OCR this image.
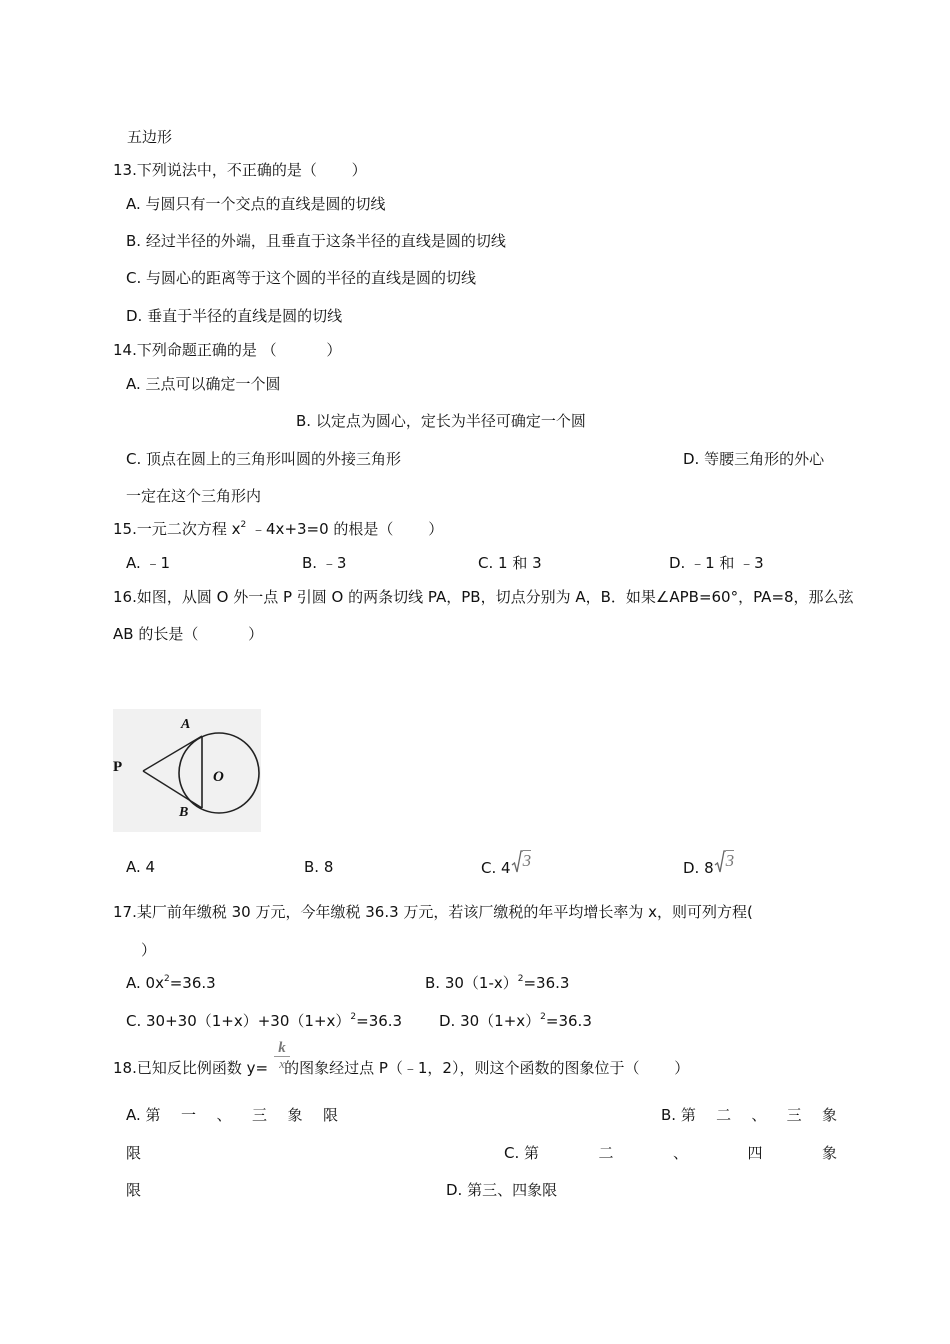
五边形
13.下列说法中，不正确的是（　　 ）
A. 与圆只有一个交点的直线是圆的切线
B. 经过半径的外端，且垂直于这条半径的直线是圆的切线
C. 与圆心的距离等于这个圆的半径的直线是圆的切线
D. 垂直于半径的直线是圆的切线
14.下列命题正确的是 （　　　 ）
A. 三点可以确定一个圆
B. 以定点为圆心，定长为半径可确定一个圆
C. 顶点在圆上的三角形叫圆的外接三角形	D. 等腰三角形的外心
一定在这个三角形内
15.一元二次方程 $x^2$ ﹣4x+3=0 的根是（　　 ）
A. ﹣1	B. ﹣3	C. 1 和 3	D. ﹣1 和 ﹣3
16.如图，从圆 O 外一点 P 引圆 O 的两条切线 PA，PB，切点分别为 A，B．如果∠APB=60°，PA=8，那么弦
AB 的长是（　　　 ）
A
B
O
P
A. 4	B. 8	C. 4 3	D. 8 3
17.某厂前年缴税 30 万元，今年缴税 36.3 万元，若该厂缴税的年平均增长率为 x，则可列方程(
）
A. $0x^2=36.3$	B. $30(1-x)^2=36.3$
C. $30+30(1+x)+30(1+x)^2=36.3$ D. $30(1+x)^2=36.3$
18.已知反比例函数 y= 的图象经过点 P（﹣1，2），则这个函数的图象位于（　　 ）
$\frac{k}{x}$
A. 第 一 、 三 象 限	B. 第 二 、 三 象
限	C. 第	二	、	四	象
限	D. 第三、四象限
